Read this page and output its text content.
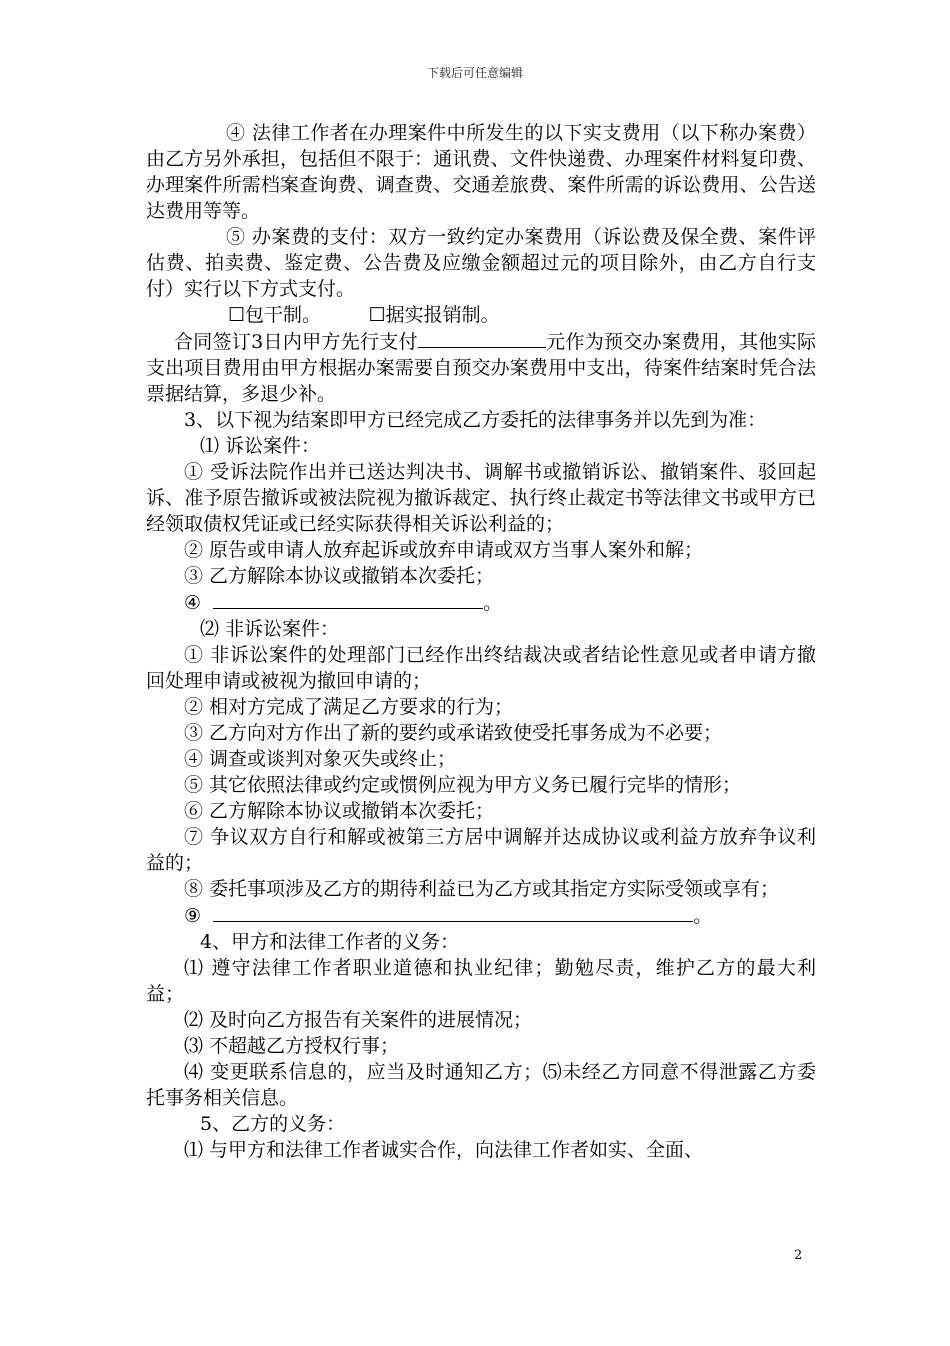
下载后可任意编辑

④ 法律工作者在办理案件中所发生的以下实支费用（以下称办案费）由乙方另外承担，包括但不限于：通讯费、文件快递费、办理案件材料复印费、办理案件所需档案查询费、调查费、交通差旅费、案件所需的诉讼费用、公告送达费用等等。

⑤ 办案费的支付：双方一致约定办案费用（诉讼费及保全费、案件评估费、拍卖费、鉴定费、公告费及应缴金额超过元的项目除外，由乙方自行支付）实行以下方式支付。

☐包干制。　　　☐据实报销制。

合同签订3日内甲方先行支付	元作为预交办案费用，其他实际支出项目费用由甲方根据办案需要自预交办案费用中支出，待案件结案时凭合法票据结算，多退少补。

3、以下视为结案即甲方已经完成乙方委托的法律事务并以先到为准：

⑴ 诉讼案件：

① 受诉法院作出并已送达判决书、调解书或撤销诉讼、撤销案件、驳回起诉、准予原告撤诉或被法院视为撤诉裁定、执行终止裁定书等法律文书或甲方已经领取债权凭证或已经实际获得相关诉讼利益的；

② 原告或申请人放弃起诉或放弃申请或双方当事人案外和解；

③ 乙方解除本协议或撤销本次委托；

④	。

⑵ 非诉讼案件：

① 非诉讼案件的处理部门已经作出终结裁决或者结论性意见或者申请方撤回处理申请或被视为撤回申请的；

② 相对方完成了满足乙方要求的行为；

③ 乙方向对方作出了新的要约或承诺致使受托事务成为不必要；

④ 调查或谈判对象灭失或终止；

⑤ 其它依照法律或约定或惯例应视为甲方义务已履行完毕的情形；

⑥ 乙方解除本协议或撤销本次委托；

⑦ 争议双方自行和解或被第三方居中调解并达成协议或利益方放弃争议利益的；

⑧ 委托事项涉及乙方的期待利益已为乙方或其指定方实际受领或享有；

⑨	。

4、甲方和法律工作者的义务：

⑴ 遵守法律工作者职业道德和执业纪律；勤勉尽责，维护乙方的最大利益；

⑵ 及时向乙方报告有关案件的进展情况；

⑶ 不超越乙方授权行事；

⑷ 变更联系信息的，应当及时通知乙方；⑸未经乙方同意不得泄露乙方委托事务相关信息。

5、乙方的义务：

⑴ 与甲方和法律工作者诚实合作，向法律工作者如实、全面、

2
